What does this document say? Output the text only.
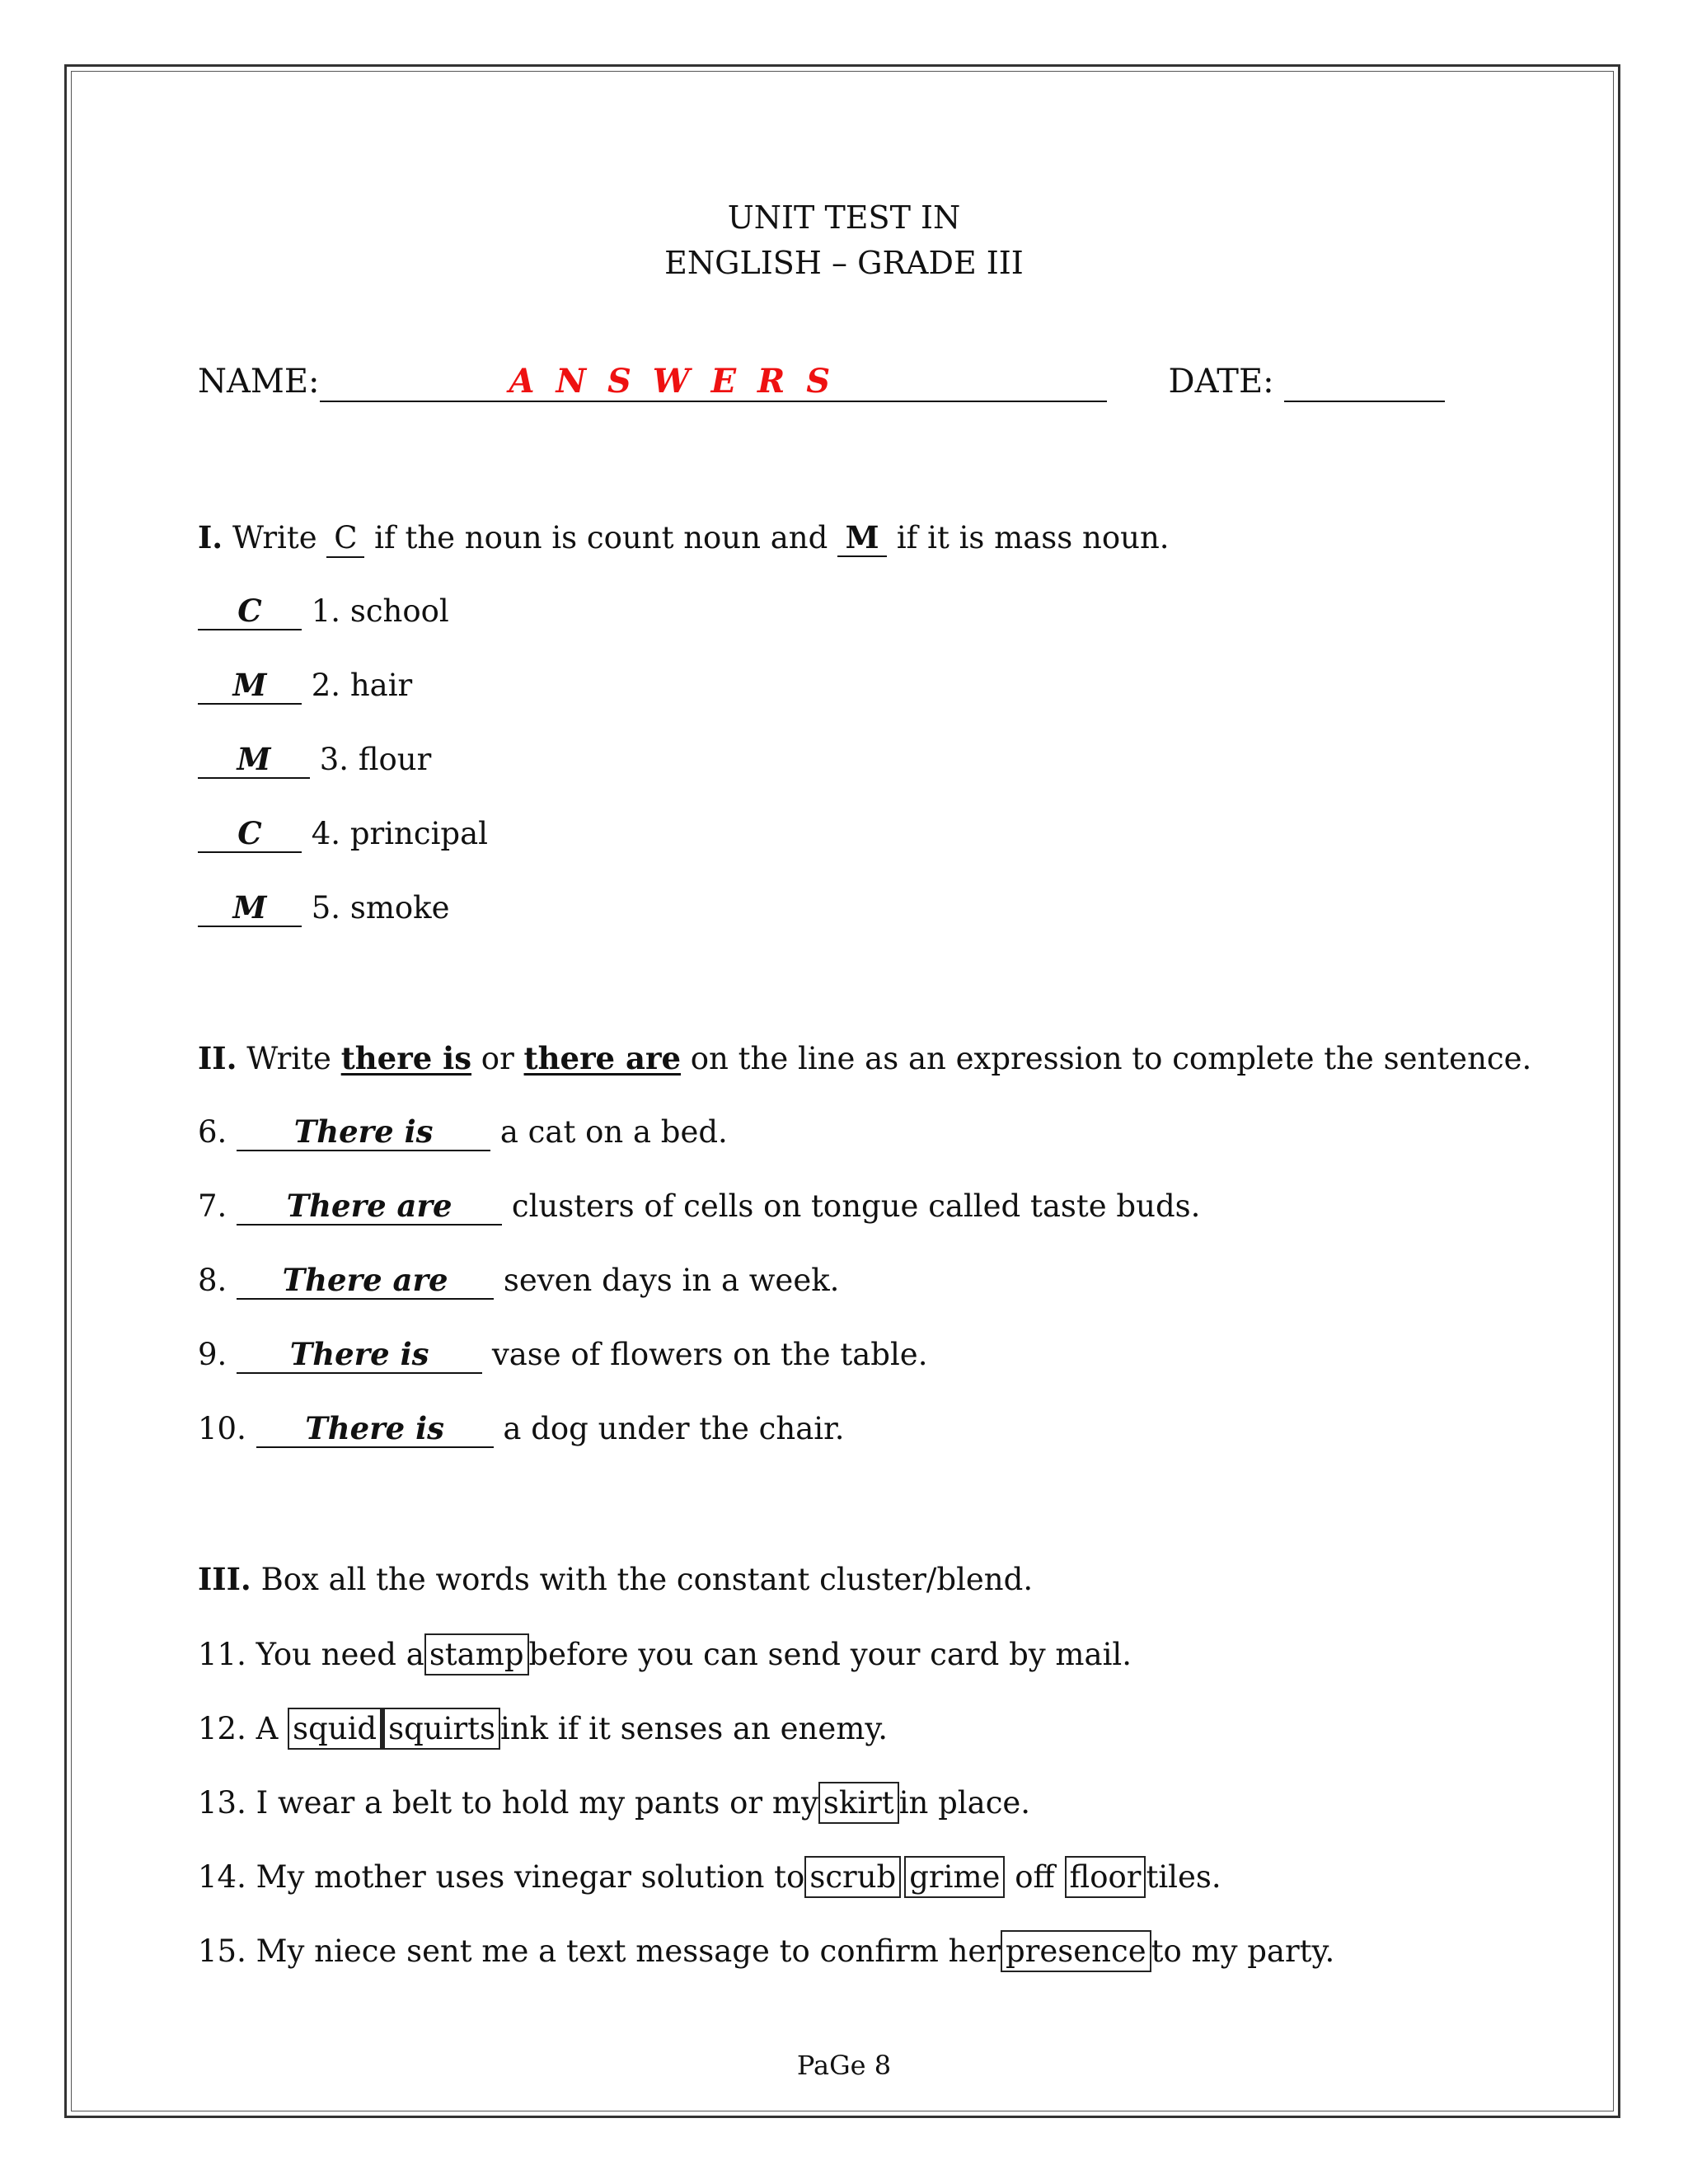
UNIT TEST IN
ENGLISH – GRADE III
NAME:	A N S W E R S	DATE:
I. Write C if the noun is count noun and M if it is mass noun.
C 1. school
M 2. hair
M 3. flour
C 4. principal
M 5. smoke
II. Write there is or there are on the line as an expression to complete the sentence.
6. There is a cat on a bed.
7. There are clusters of cells on tongue called taste buds.
8. There are seven days in a week.
9. There is vase of flowers on the table.
10. There is a dog under the chair.
III. Box all the words with the constant cluster/blend.
11. You need a stamp before you can send your card by mail.
12. A squid squirts ink if it senses an enemy.
13. I wear a belt to hold my pants or my skirt in place.
14. My mother uses vinegar solution to scrub grime off floor tiles.
15. My niece sent me a text message to confirm her presence to my party.
PaGe 8
